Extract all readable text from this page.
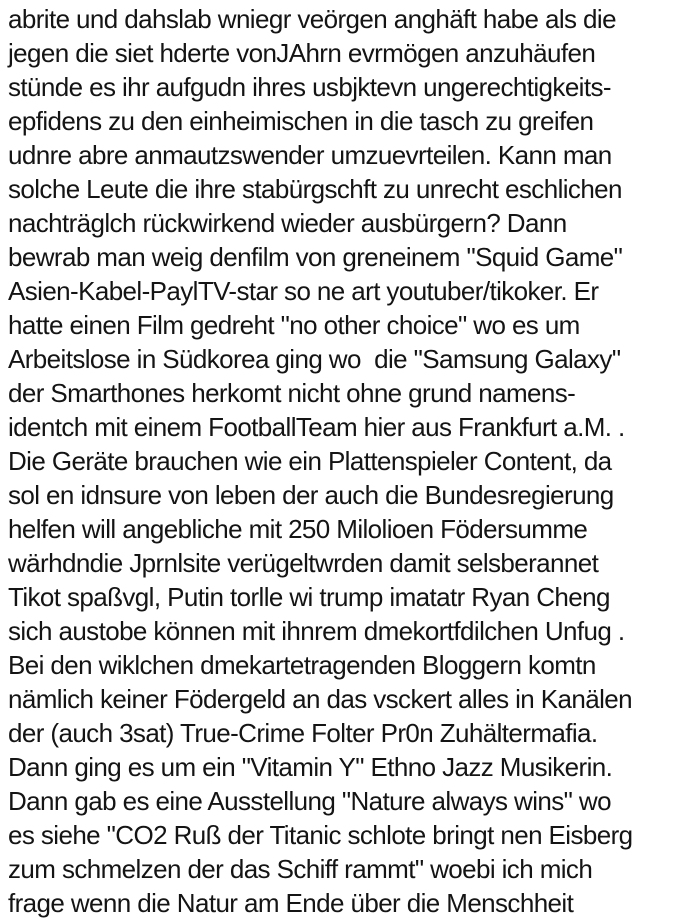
abrite und dahslab wniegr veörgen anghäft habe als die
jegen die siet hderte vonJAhrn evrmögen anzuhäufen
stünde es ihr aufgudn ihres usbjktevn ungerechtigkeits-
epfidens zu den einheimischen in die tasch zu greifen
udnre abre anmautzswender umzuevrteilen. Kann man
solche Leute die ihre stabürgschft zu unrecht eschlichen
nachträglch rückwirkend wieder ausbürgern? Dann
bewrab man weig denfilm von greneinem "Squid Game"
Asien-Kabel-PaylTV-star so ne art youtuber/tikoker. Er
hatte einen Film gedreht "no other choice" wo es um
Arbeitslose in Südkorea ging wo  die "Samsung Galaxy"
der Smarthones herkomt nicht ohne grund namens-
identch mit einem FootballTeam hier aus Frankfurt a.M. .
Die Geräte brauchen wie ein Plattenspieler Content, da
sol en idnsure von leben der auch die Bundesregierung
helfen will angebliche mit 250 Milolioen Födersumme
wärhdndie Jprnlsite verügeltwrden damit selsberannet
Tikot spaßvgl, Putin torlle wi trump imatatr Ryan Cheng
sich austobe können mit ihnrem dmekortfdilchen Unfug .
Bei den wiklchen dmekartetragenden Bloggern komtn
nämlich keiner Födergeld an das vsckert alles in Kanälen
der (auch 3sat) True-Crime Folter Pr0n Zuhältermafia.
Dann ging es um ein "Vitamin Y" Ethno Jazz Musikerin.
Dann gab es eine Ausstellung "Nature always wins" wo
es siehe "CO2 Ruß der Titanic schlote bringt nen Eisberg
zum schmelzen der das Schiff rammt" woebi ich mich
frage wenn die Natur am Ende über die Menschheit
